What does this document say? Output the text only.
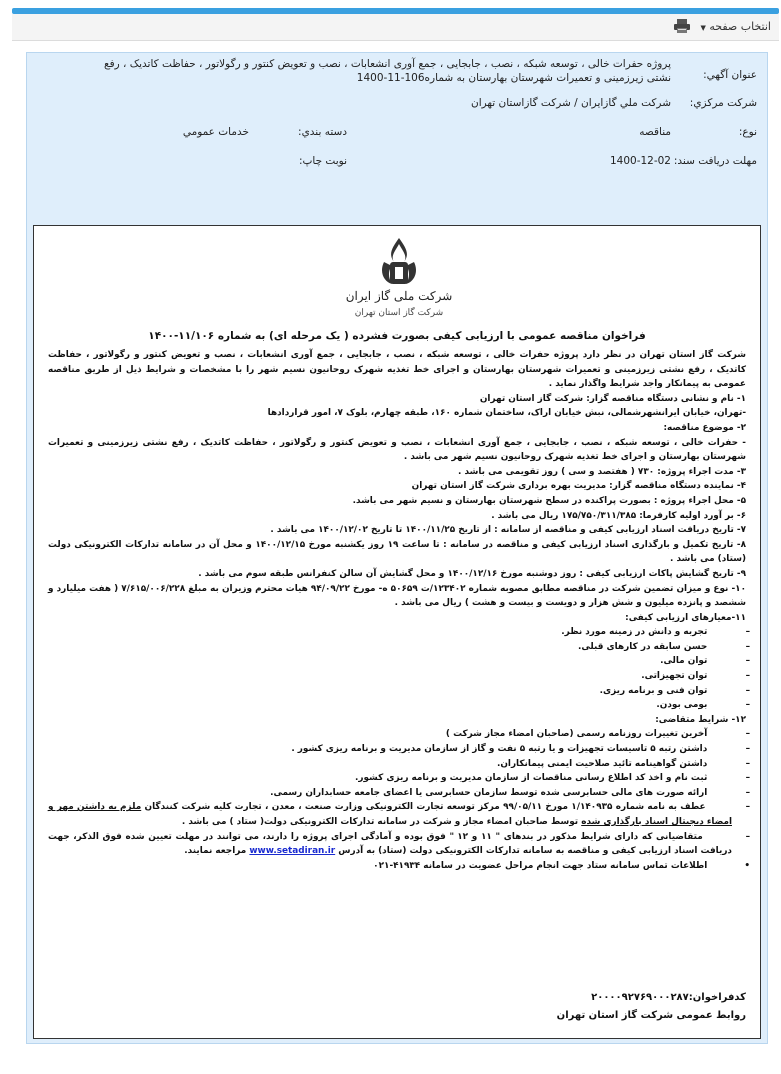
انتخاب صفحه ▼
عنوان آگهي:
پروژه حفرات خالی ، توسعه شبکه ، نصب ، جابجایی ، جمع آوری انشعابات ، نصب و تعویض کنتور و رگولاتور ، حفاظت کاتدیک ، رفع
نشتی زیرزمینی و تعمیرات شهرستان بهارستان به شماره106-11-1400
شركت مركزي:
شرکت ملي گازايران / شرکت گازاستان تهران
نوع:
مناقصه
دسته بندي:
خدمات عمومي
مهلت دريافت سند:
1400-12-02
نوبت چاپ:
شرکت ملی گاز ایران
شرکت گاز استان تهران
فراخوان مناقصه عمومی با ارزیابی کیفی بصورت فشرده ( یک مرحله ای) به شماره ۱۱/۱۰۶-۱۴۰۰

شرکت گاز استان تهران در نظر دارد پروژه حفرات خالی ، توسعه شبکه ، نصب ، جابجایی ، جمع آوری انشعابات ، نصب و تعویض کنتور و رگولاتور ، حفاظت کاتدیک ، رفع نشتی زیرزمینی و تعمیرات شهرستان بهارستان و اجرای خط تغذیه شهرک روحانیون نسیم شهر را با مشخصات و شرایط ذیل از طریق مناقصه عمومی به پیمانکار واجد شرایط واگذار نماید .

۱- نام و نشانی دستگاه مناقصه گزار: شرکت گاز استان تهران

-تهران، خیابان ایرانشهرشمالی، نبش خیابان اراک، ساختمان شماره ۱۶۰، طبقه چهارم، بلوک ۷، امور قراردادها

۲- موضوع مناقصه:

- حفرات خالی ، توسعه شبکه ، نصب ، جابجایی ، جمع آوری انشعابات ، نصب و تعویض کنتور و رگولاتور ، حفاظت کاتدیک ، رفع نشتی زیرزمینی و تعمیرات شهرستان بهارستان و اجرای خط تغذیه شهرک روحانیون نسیم شهر می باشد .

۳- مدت اجراء پروژه: ۷۳۰ ( هفتصد و سی ) روز تقویمی می باشد .

۴- نماینده دستگاه مناقصه گزار: مدیریت بهره برداری شرکت گاز استان تهران

۵- محل اجراء پروژه : بصورت پراکنده در سطح شهرستان بهارستان و نسیم شهر می باشد.

۶- بر آورد اولیه کارفرما: ۱۷۵/۷۵۰/۳۱۱/۳۸۵ ریال می باشد .

۷- تاریخ دریافت اسناد ارزیابی کیفی و مناقصه از سامانه : از تاریخ ۱۴۰۰/۱۱/۲۵ تا تاریخ ۱۴۰۰/۱۲/۰۲ می باشد .

۸- تاریخ تکمیل و بارگذاری اسناد ارزیابی کیفی و مناقصه در سامانه : تا ساعت ۱۹ روز یکشنبه مورخ ۱۴۰۰/۱۲/۱۵ و محل آن در سامانه تدارکات الکترونیکی دولت (ستاد) می باشد .

۹- تاریخ گشایش پاکات ارزیابی کیفی : روز دوشنبه مورخ ۱۴۰۰/۱۲/۱۶ و محل گشایش آن سالن کنفرانس طبقه سوم می باشد .

۱۰- نوع و میزان تضمین شرکت در مناقصه مطابق مصوبه شماره ۱۲۳۴۰۲/ت ۵۰۶۵۹ ه- مورخ ۹۴/۰۹/۲۲ هیات محترم وزیران به مبلغ ۷/۶۱۵/۰۰۶/۲۲۸ ( هفت میلیارد و ششصد و پانزده میلیون و شش هزار و دویست و بیست و هشت ) ریال می باشد .

۱۱-معیارهای ارزیابی کیفی:

–
تجربه و دانش در زمینه مورد نظر.

–
حسن سابقه در کارهای قبلی.

–
توان مالی.

–
توان تجهیزاتی.

–
توان فنی و برنامه ریزی.

–
بومی بودن.

۱۲- شرایط متقاضی:

–
آخرین تغییرات روزنامه رسمی (صاحبان امضاء مجاز شرکت )

–
داشتن رتبه ۵ تاسیسات تجهیزات و یا رتبه ۵ نفت و گاز از سازمان مدیریت و برنامه ریزی کشور .

–
داشتن گواهینامه تائید صلاحیت ایمنی پیمانکاران.

–
ثبت نام و اخذ کد اطلاع رسانی مناقصات از سازمان مدیریت و برنامه ریزی کشور.

–
ارائه صورت های مالی حسابرسی شده توسط سازمان حسابرسی یا اعضای جامعه حسابداران رسمی.

–
عطف به نامه شماره ۱/۱۴۰۹۳۵ مورخ ۹۹/۰۵/۱۱ مرکز توسعه تجارت الکترونیکی وزارت صنعت ، معدن ، تجارت کلیه شرکت کنندگان ملزم به داشتن مهر و امضاء دیجیتال اسناد بارگذاری شده توسط صاحبان امضاء مجاز و شرکت در سامانه تدارکات الکترونیکی دولت( ستاد ) می باشد .

–
متقاضیانی که دارای شرایط مذکور در بندهای " ۱۱ و ۱۲ " فوق بوده و آمادگی اجرای پروژه را دارند، می توانند در مهلت تعیین شده فوق الذکر، جهت دریافت اسناد ارزیابی کیفی و مناقصه به سامانه تدارکات الکترونیکی دولت (ستاد) به آدرس www.setadiran.ir مراجعه نمایند.

•
اطلاعات تماس سامانه ستاد جهت انجام مراحل عضویت در سامانه ۴۱۹۳۴-۰۲۱

کدفراخوان:۲۰۰۰۰۹۲۷۶۹۰۰۰۲۸۷
روابط عمومی شرکت گاز استان تهران
